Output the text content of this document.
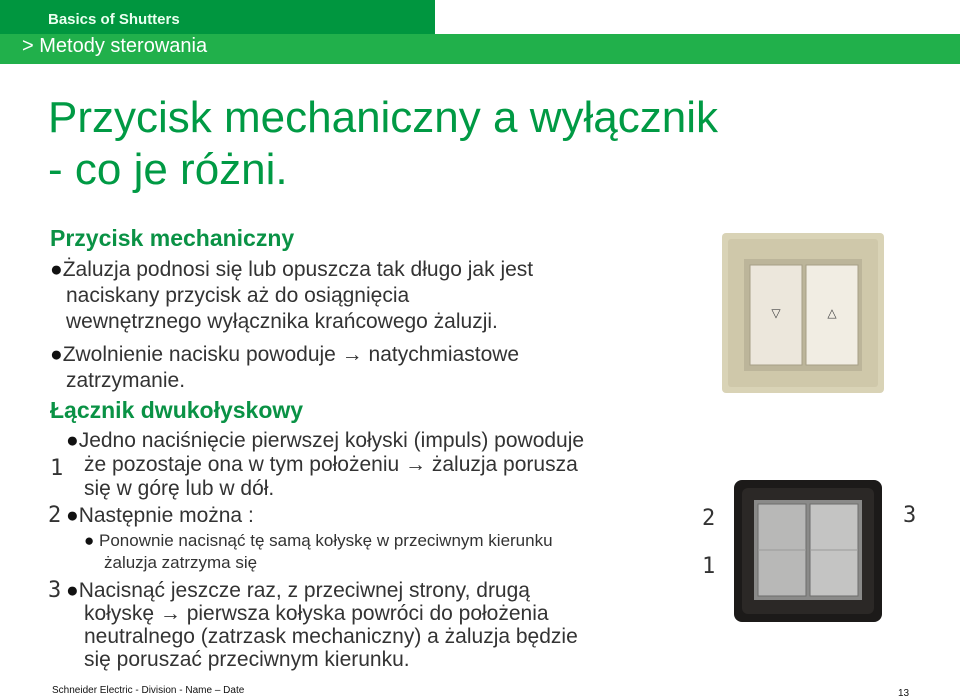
Basics of Shutters
> Metody sterowania
Przycisk mechaniczny a wyłącznik
- co je różni.
Przycisk mechaniczny
●Żaluzja podnosi się lub opuszcza tak długo jak jest
naciskany przycisk aż do osiągnięcia
wewnętrznego wyłącznika krańcowego żaluzji.
●Zwolnienie nacisku powoduje → natychmiastowe
zatrzymanie.
Łącznik dwukołyskowy
●Jedno naciśnięcie pierwszej kołyski (impuls) powoduje
że pozostaje ona w tym położeniu → żaluzja porusza
się w górę lub w dół.
1
●Następnie można :
2
● Ponownie nacisnąć tę samą kołyskę w przeciwnym kierunku
żaluzja zatrzyma się
●Nacisnąć jeszcze raz, z przeciwnej strony, drugą
3
kołyskę → pierwsza kołyska powróci do położenia
neutralnego (zatrzask mechaniczny) a żaluzja będzie
się poruszać przeciwnym kierunku.
▽	△
2	3
1
Schneider Electric - Division - Name – Date	13
